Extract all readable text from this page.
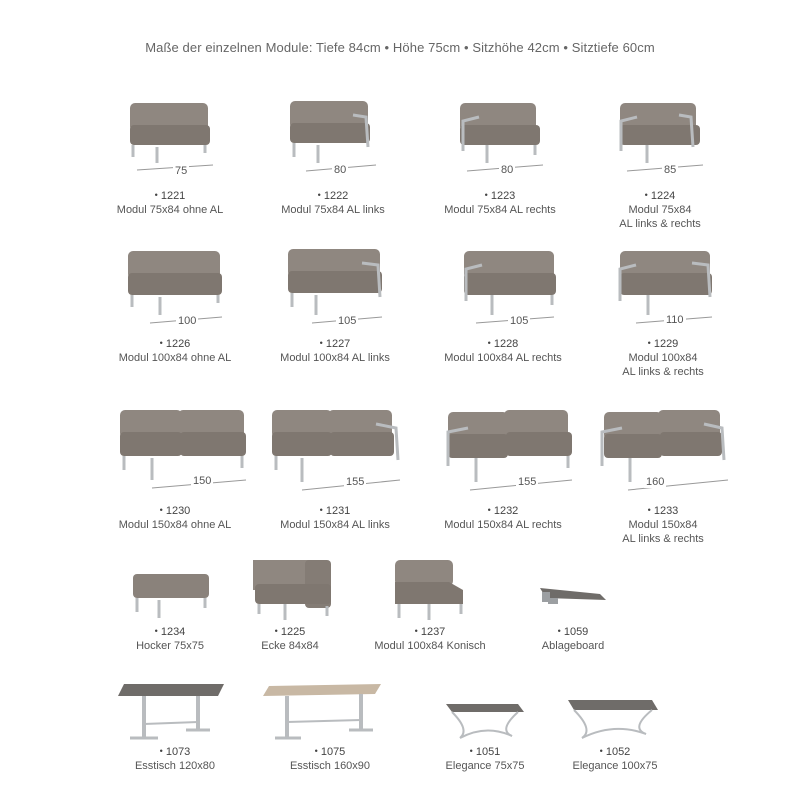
Maße der einzelnen Module: Tiefe 84cm • Höhe 75cm • Sitzhöhe 42cm • Sitztiefe 60cm
75
• 1221
Modul 75x84 ohne AL
80
• 1222
Modul 75x84 AL links
80
• 1223
Modul 75x84 AL rechts
85
• 1224
Modul 75x84
AL links & rechts
100
• 1226
Modul 100x84 ohne AL
105
• 1227
Modul 100x84 AL links
105
• 1228
Modul 100x84 AL rechts
110
• 1229
Modul 100x84
AL links & rechts
150
• 1230
Modul 150x84 ohne AL
155
• 1231
Modul 150x84 AL links
155
• 1232
Modul 150x84 AL rechts
160
• 1233
Modul 150x84
AL links & rechts
• 1234
Hocker 75x75
• 1225
Ecke 84x84
• 1237
Modul 100x84 Konisch
• 1059
Ablageboard
• 1073
Esstisch 120x80
• 1075
Esstisch 160x90
• 1051
Elegance 75x75
• 1052
Elegance 100x75
